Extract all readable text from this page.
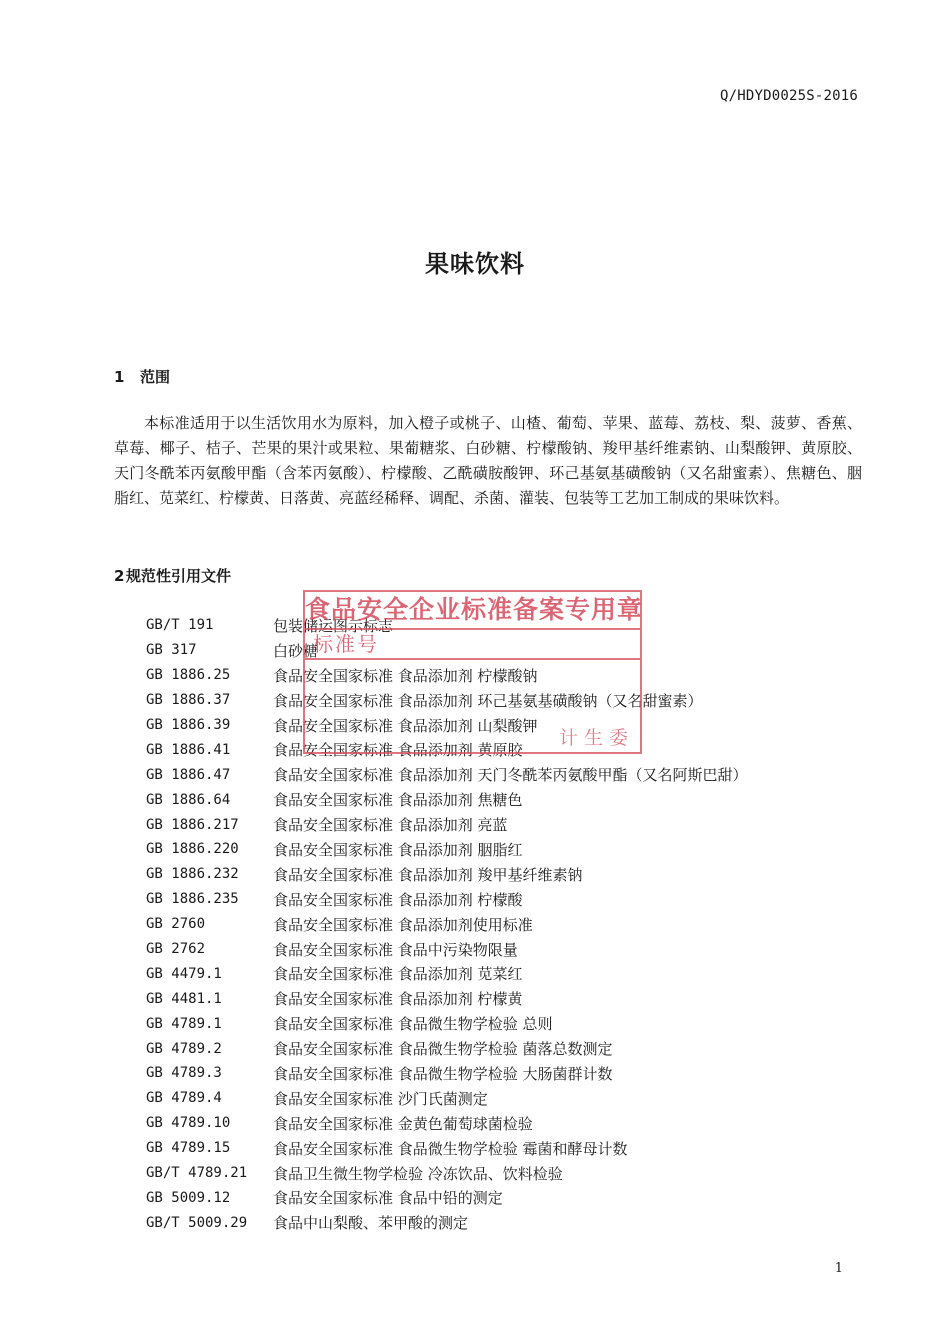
Q/HDYD0025S-2016
果味饮料
1 范围
本标准适用于以生活饮用水为原料，加入橙子或桃子、山楂、葡萄、苹果、蓝莓、荔枝、梨、菠萝、香蕉、草莓、椰子、桔子、芒果的果汁或果粒、果葡糖浆、白砂糖、柠檬酸钠、羧甲基纤维素钠、山梨酸钾、黄原胶、天门冬酰苯丙氨酸甲酯（含苯丙氨酸）、柠檬酸、乙酰磺胺酸钾、环己基氨基磺酸钠（又名甜蜜素）、焦糖色、胭脂红、苋菜红、柠檬黄、日落黄、亮蓝经稀释、调配、杀菌、灌装、包装等工艺加工制成的果味饮料。
2 规范性引用文件
GB/T 191	包装储运图示标志
GB 317	白砂糖
GB 1886.25	食品安全国家标准 食品添加剂 柠檬酸钠
GB 1886.37	食品安全国家标准 食品添加剂 环己基氨基磺酸钠（又名甜蜜素）
GB 1886.39	食品安全国家标准 食品添加剂 山梨酸钾
GB 1886.41	食品安全国家标准 食品添加剂 黄原胶
GB 1886.47	食品安全国家标准 食品添加剂 天门冬酰苯丙氨酸甲酯（又名阿斯巴甜）
GB 1886.64	食品安全国家标准 食品添加剂 焦糖色
GB 1886.217	食品安全国家标准 食品添加剂 亮蓝
GB 1886.220	食品安全国家标准 食品添加剂 胭脂红
GB 1886.232	食品安全国家标准 食品添加剂 羧甲基纤维素钠
GB 1886.235	食品安全国家标准 食品添加剂 柠檬酸
GB 2760	食品安全国家标准 食品添加剂使用标准
GB 2762	食品安全国家标准 食品中污染物限量
GB 4479.1	食品安全国家标准 食品添加剂 苋菜红
GB 4481.1	食品安全国家标准 食品添加剂 柠檬黄
GB 4789.1	食品安全国家标准 食品微生物学检验 总则
GB 4789.2	食品安全国家标准 食品微生物学检验 菌落总数测定
GB 4789.3	食品安全国家标准 食品微生物学检验 大肠菌群计数
GB 4789.4	食品安全国家标准 沙门氏菌测定
GB 4789.10	食品安全国家标准 金黄色葡萄球菌检验
GB 4789.15	食品安全国家标准 食品微生物学检验 霉菌和酵母计数
GB/T 4789.21	食品卫生微生物学检验 冷冻饮品、饮料检验
GB 5009.12	食品安全国家标准 食品中铅的测定
GB/T 5009.29	食品中山梨酸、苯甲酸的测定
食品安全企业标准备案专用章
标准号
计生委
1
